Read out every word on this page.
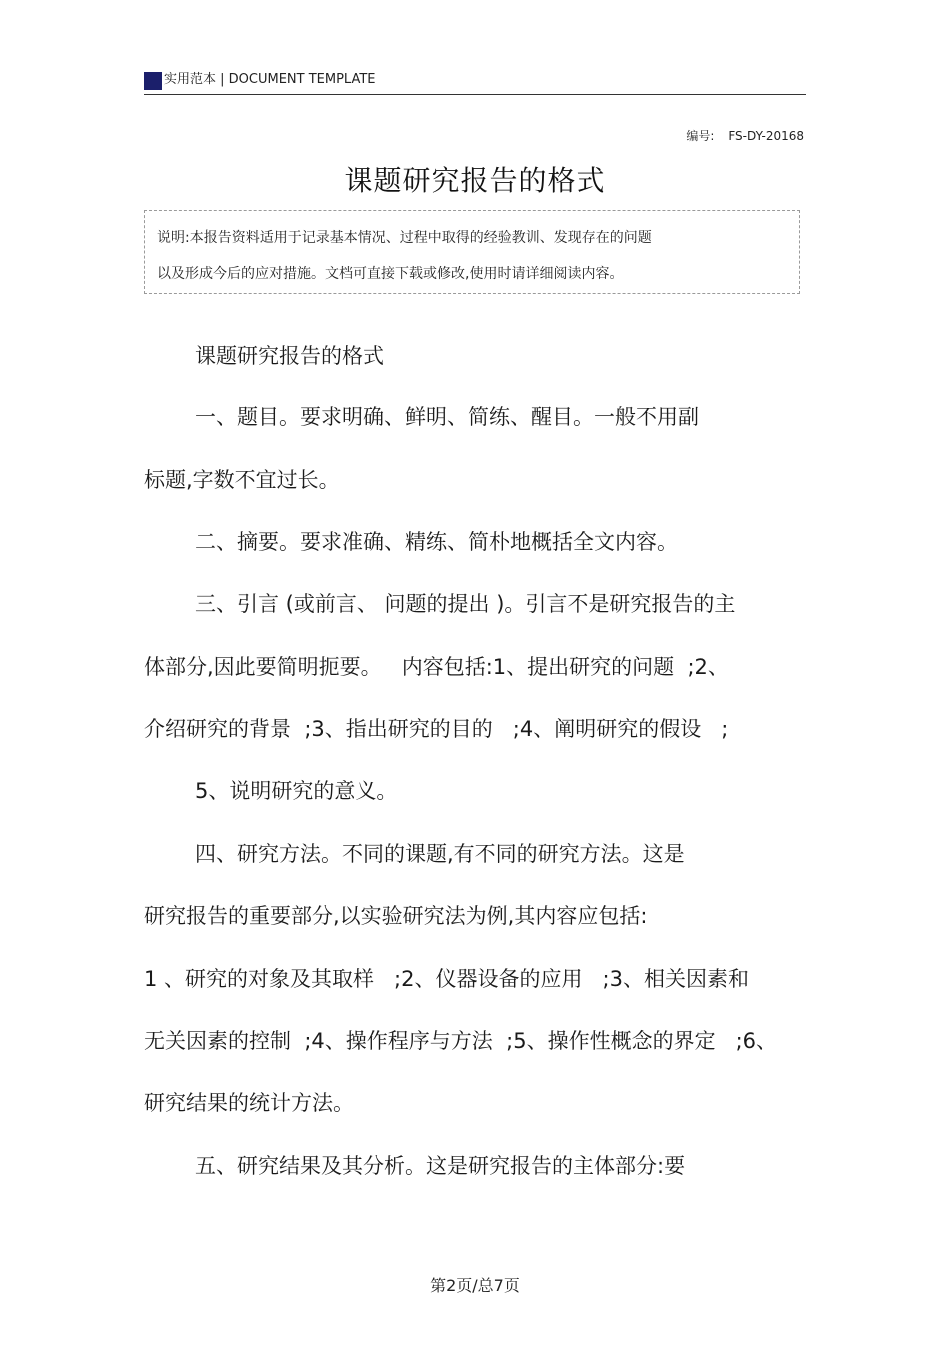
实用范本 | DOCUMENT TEMPLATE
编号: FS-DY-20168
课题研究报告的格式
说明:本报告资料适用于记录基本情况、过程中取得的经验教训、发现存在的问题
以及形成今后的应对措施。文档可直接下载或修改,使用时请详细阅读内容。
课题研究报告的格式
一、题目。要求明确、鲜明、简练、醒目。一般不用副
标题,字数不宜过长。
二、摘要。要求准确、精练、简朴地概括全文内容。
三、引言 (或前言、 问题的提出 )。引言不是研究报告的主
体部分,因此要简明扼要。   内容包括:1、提出研究的问题  ;2、
介绍研究的背景  ;3、指出研究的目的   ;4、阐明研究的假设   ;
5、说明研究的意义。
四、研究方法。不同的课题,有不同的研究方法。这是
研究报告的重要部分,以实验研究法为例,其内容应包括:
1 、研究的对象及其取样   ;2、仪器设备的应用   ;3、相关因素和
无关因素的控制  ;4、操作程序与方法  ;5、操作性概念的界定   ;6、
研究结果的统计方法。
五、研究结果及其分析。这是研究报告的主体部分:要
第2页/总7页
